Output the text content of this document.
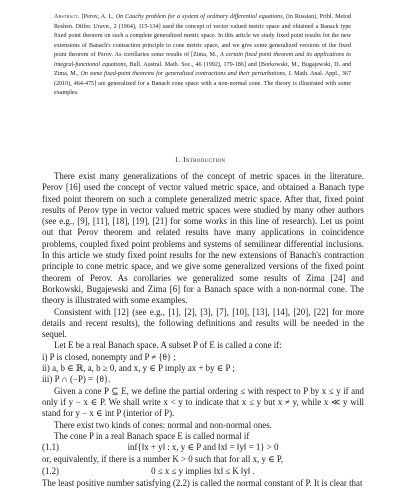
Abstract. [Perov, A. I., On Cauchy problem for a system of ordinary differential equations, (in Russian), Pribl. Metod Reshen. Differ. Uravn., 2 (1964), 115-134] used the concept of vector valued metric space and obtained a Banach type fixed point theorem on such a complete generalized metric space. In this article we study fixed point results for the new extensions of Banach's contraction principle to cone metric space, and we give some generalized versions of the fixed point theorem of Perov. As corollaries some results of [Zima, M., A certain fixed point theorem and its applications to integral-functional equations, Bull. Austral. Math. Soc., 46 (1992), 179-186] and [Borkowski, M., Bugajewski, D. and Zima, M., On some fixed-point theorems for generalized contractions and their perturbations, J. Math. Anal. Appl., 367 (2010), 464-475] are generalized for a Banach cone space with a non-normal cone. The theory is illustrated with some examples.
1. Introduction

There exist many generalizations of the concept of metric spaces in the literature. Perov [16] used the concept of vector valued metric space, and obtained a Banach type fixed point theorem on such a complete generalized metric space. After that, fixed point results of Perov type in vector valued metric spaces were studied by many other authors (see e.g., [9], [11], [18], [19], [21] for some works in this line of research). Let us point out that Perov theorem and related results have many applications in coincidence problems, coupled fixed point problems and systems of semilinear differential inclusions. In this article we study fixed point results for the new extensions of Banach's contraction principle to cone metric space, and we give some generalized versions of the fixed point theorem of Perov. As corollaries we generalized some results of Zima [24] and Borkowski, Bugajewski and Zima [6] for a Banach space with a non-normal cone. The theory is illustrated with some examples.

Consistent with [12] (see e.g., [1], [2], [3], [7], [10], [13], [14], [20], [22] for more details and recent results), the following definitions and results will be needed in the sequel.

Let E be a real Banach space. A subset P of E is called a cone if:

i) P is closed, nonempty and P ≠ {θ} ;

ii) a, b ∈ ℝ, a, b ≥ 0, and x, y ∈ P imply ax + by ∈ P ;

iii) P ∩ (−P) = {θ}.

Given a cone P ⊆ E, we define the partial ordering ≤ with respect to P by x ≤ y if and only if y − x ∈ P. We shall write x < y to indicate that x ≤ y but x ≠ y, while x ≪ y will stand for y − x ∈ int P (interior of P).

There exist two kinds of cones: normal and non-normal ones.

The cone P in a real Banach space E is called normal if

(1.1)	inf{‖x + y‖ : x, y ∈ P and ‖x‖ = ‖y‖ = 1} > 0

or, equivalently, if there is a number K > 0 such that for all x, y ∈ P,

(1.2)	0 ≤ x ≤ y implies ‖x‖ ≤ K ‖y‖ .

The least positive number satisfying (2.2) is called the normal constant of P. It is clear that
